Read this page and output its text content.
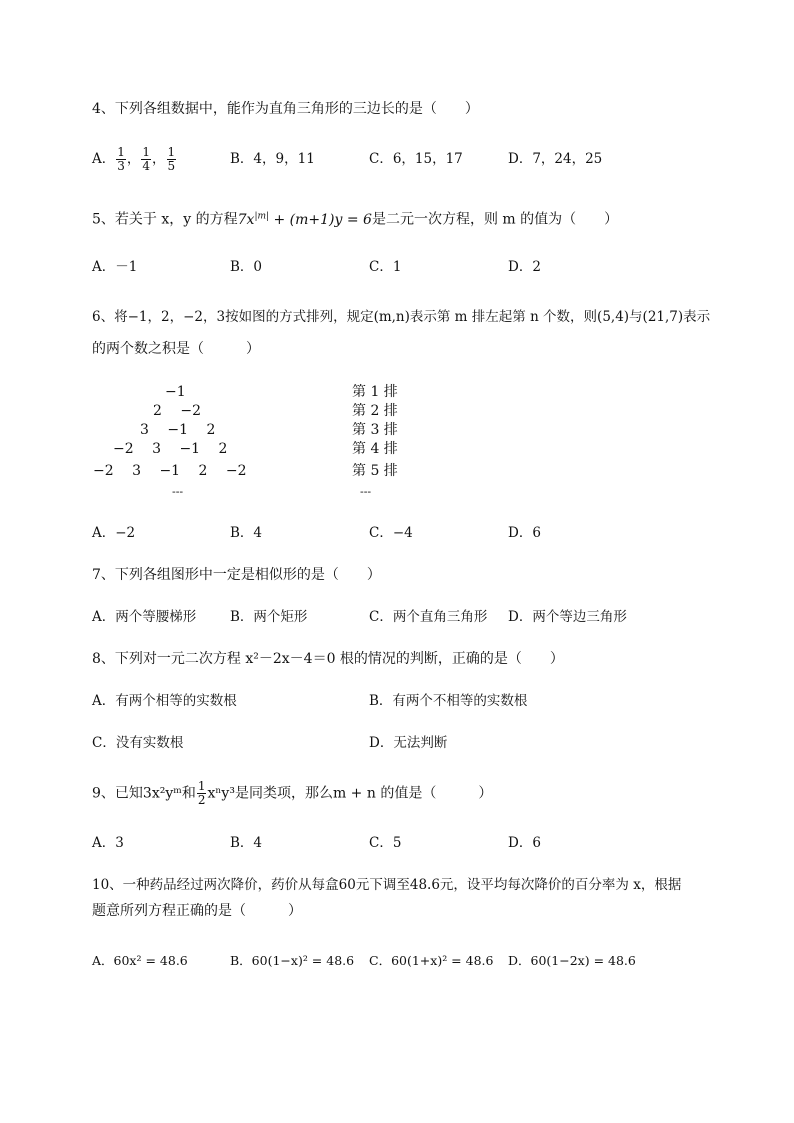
4、下列各组数据中，能作为直角三角形的三边长的是（　　）
A． $\frac{1}{3}$ ， $\frac{1}{4}$ ， $\frac{1}{5}$	B．4，9，11	C．6，15，17	D．7，24，25
5、若关于 x，y 的方程$7x^{|m|} + (m+1)y = 6$是二元一次方程，则 m 的值为（　　）
A．－1	B．0	C．1	D．2
6、将−1，2，−2，3按如图的方式排列，规定(m,n)表示第 m 排左起第 n 个数，则(5,4)与(21,7)表示
的两个数之积是（　　　）
−1
2　 −2
3　 −1　 2
−2　 3　 −1　 2
−2　 3　 −1　 2　 −2
---
第 1 排
第 2 排
第 3 排
第 4 排
第 5 排
---
A．−2	B．4	C．−4	D．6
7、下列各组图形中一定是相似形的是（　　）
A．两个等腰梯形	B．两个矩形	C．两个直角三角形 D．两个等边三角形
8、下列对一元二次方程 x²－2x－4＝0 根的情况的判断，正确的是（　　）
A．有两个相等的实数根	B．有两个不相等的实数根
C．没有实数根	D．无法判断
9、已知3x²yᵐ和 $\frac{1}{2} x^ny^3$是同类项，那么m + n 的值是（　　　）
A．3	B．4	C．5	D．6
10、一种药品经过两次降价，药价从每盒60元下调至48.6元，设平均每次降价的百分率为 x，根据
题意所列方程正确的是（　　　）
A．60x² = 48.6	B．60(1−x)² = 48.6 C．60(1+x)² = 48.6 D．60(1−2x) = 48.6
